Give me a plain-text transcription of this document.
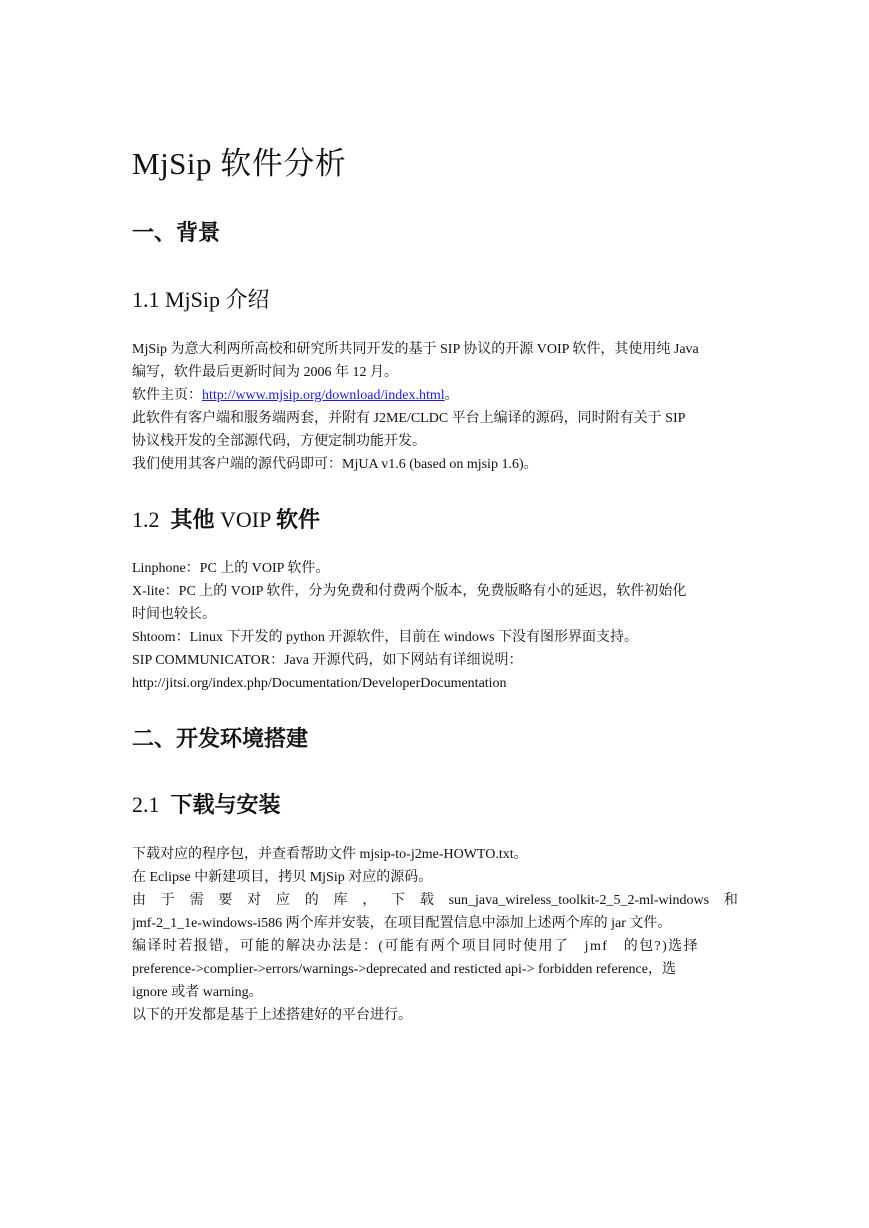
MjSip 软件分析
一、背景
1.1 MjSip 介绍
MjSip 为意大利两所高校和研究所共同开发的基于 SIP 协议的开源 VOIP 软件，其使用纯 Java
编写，软件最后更新时间为 2006 年 12 月。
软件主页：http://www.mjsip.org/download/index.html。
此软件有客户端和服务端两套，并附有 J2ME/CLDC 平台上编译的源码，同时附有关于 SIP
协议栈开发的全部源代码，方便定制功能开发。
我们使用其客户端的源代码即可：MjUA v1.6 (based on mjsip 1.6)。
1.2 其他 VOIP 软件
Linphone：PC 上的 VOIP 软件。
X-lite：PC 上的 VOIP 软件，分为免费和付费两个版本，免费版略有小的延迟，软件初始化
时间也较长。
Shtoom：Linux 下开发的 python 开源软件，目前在 windows 下没有图形界面支持。
SIP COMMUNICATOR：Java 开源代码，如下网站有详细说明：
http://jitsi.org/index.php/Documentation/DeveloperDocumentation
二、开发环境搭建
2.1 下载与安装
下载对应的程序包，并查看帮助文件 mjsip-to-j2me-HOWTO.txt。
在 Eclipse 中新建项目，拷贝 MjSip 对应的源码。
由 于 需 要 对 应 的 库 ， 下 载 sun_java_wireless_toolkit-2_5_2-ml-windows 和
jmf-2_1_1e-windows-i586 两个库并安装，在项目配置信息中添加上述两个库的 jar 文件。
编译时若报错，可能的解决办法是：(可能有两个项目同时使用了　jmf　的包?)选择
preference->complier->errors/warnings->deprecated and resticted api-> forbidden reference，选
ignore 或者 warning。
以下的开发都是基于上述搭建好的平台进行。
